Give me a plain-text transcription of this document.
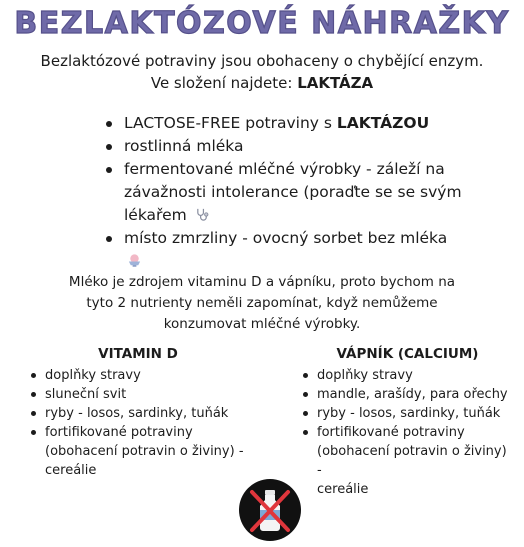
BEZLAKTÓZOVÉ NÁHRAŽKY
Bezlaktózové potraviny jsou obohaceny o chybějící enzym.
Ve složení najdete: LAKTÁZA
LACTOSE-FREE potraviny s LAKTÁZOU
rostlinná mléka
fermentované mléčné výrobky - záleží na
závažnosti intolerance (poraďte se se svým
lékařem
místo zmrzliny - ovocný sorbet bez mléka
Mléko je zdrojem vitaminu D a vápníku, proto bychom na
tyto 2 nutrienty neměli zapomínat, když nemůžeme
konzumovat mléčné výrobky.
VITAMIN D
doplňky stravy
sluneční svit
ryby - losos, sardinky, tuňák
fortifikované potraviny
(obohacení potravin o živiny) -
cereálie
VÁPNÍK (CALCIUM)
doplňky stravy
mandle, arašídy, para ořechy
ryby - losos, sardinky, tuňák
fortifikované potraviny
(obohacení potravin o živiny) -
cereálie
